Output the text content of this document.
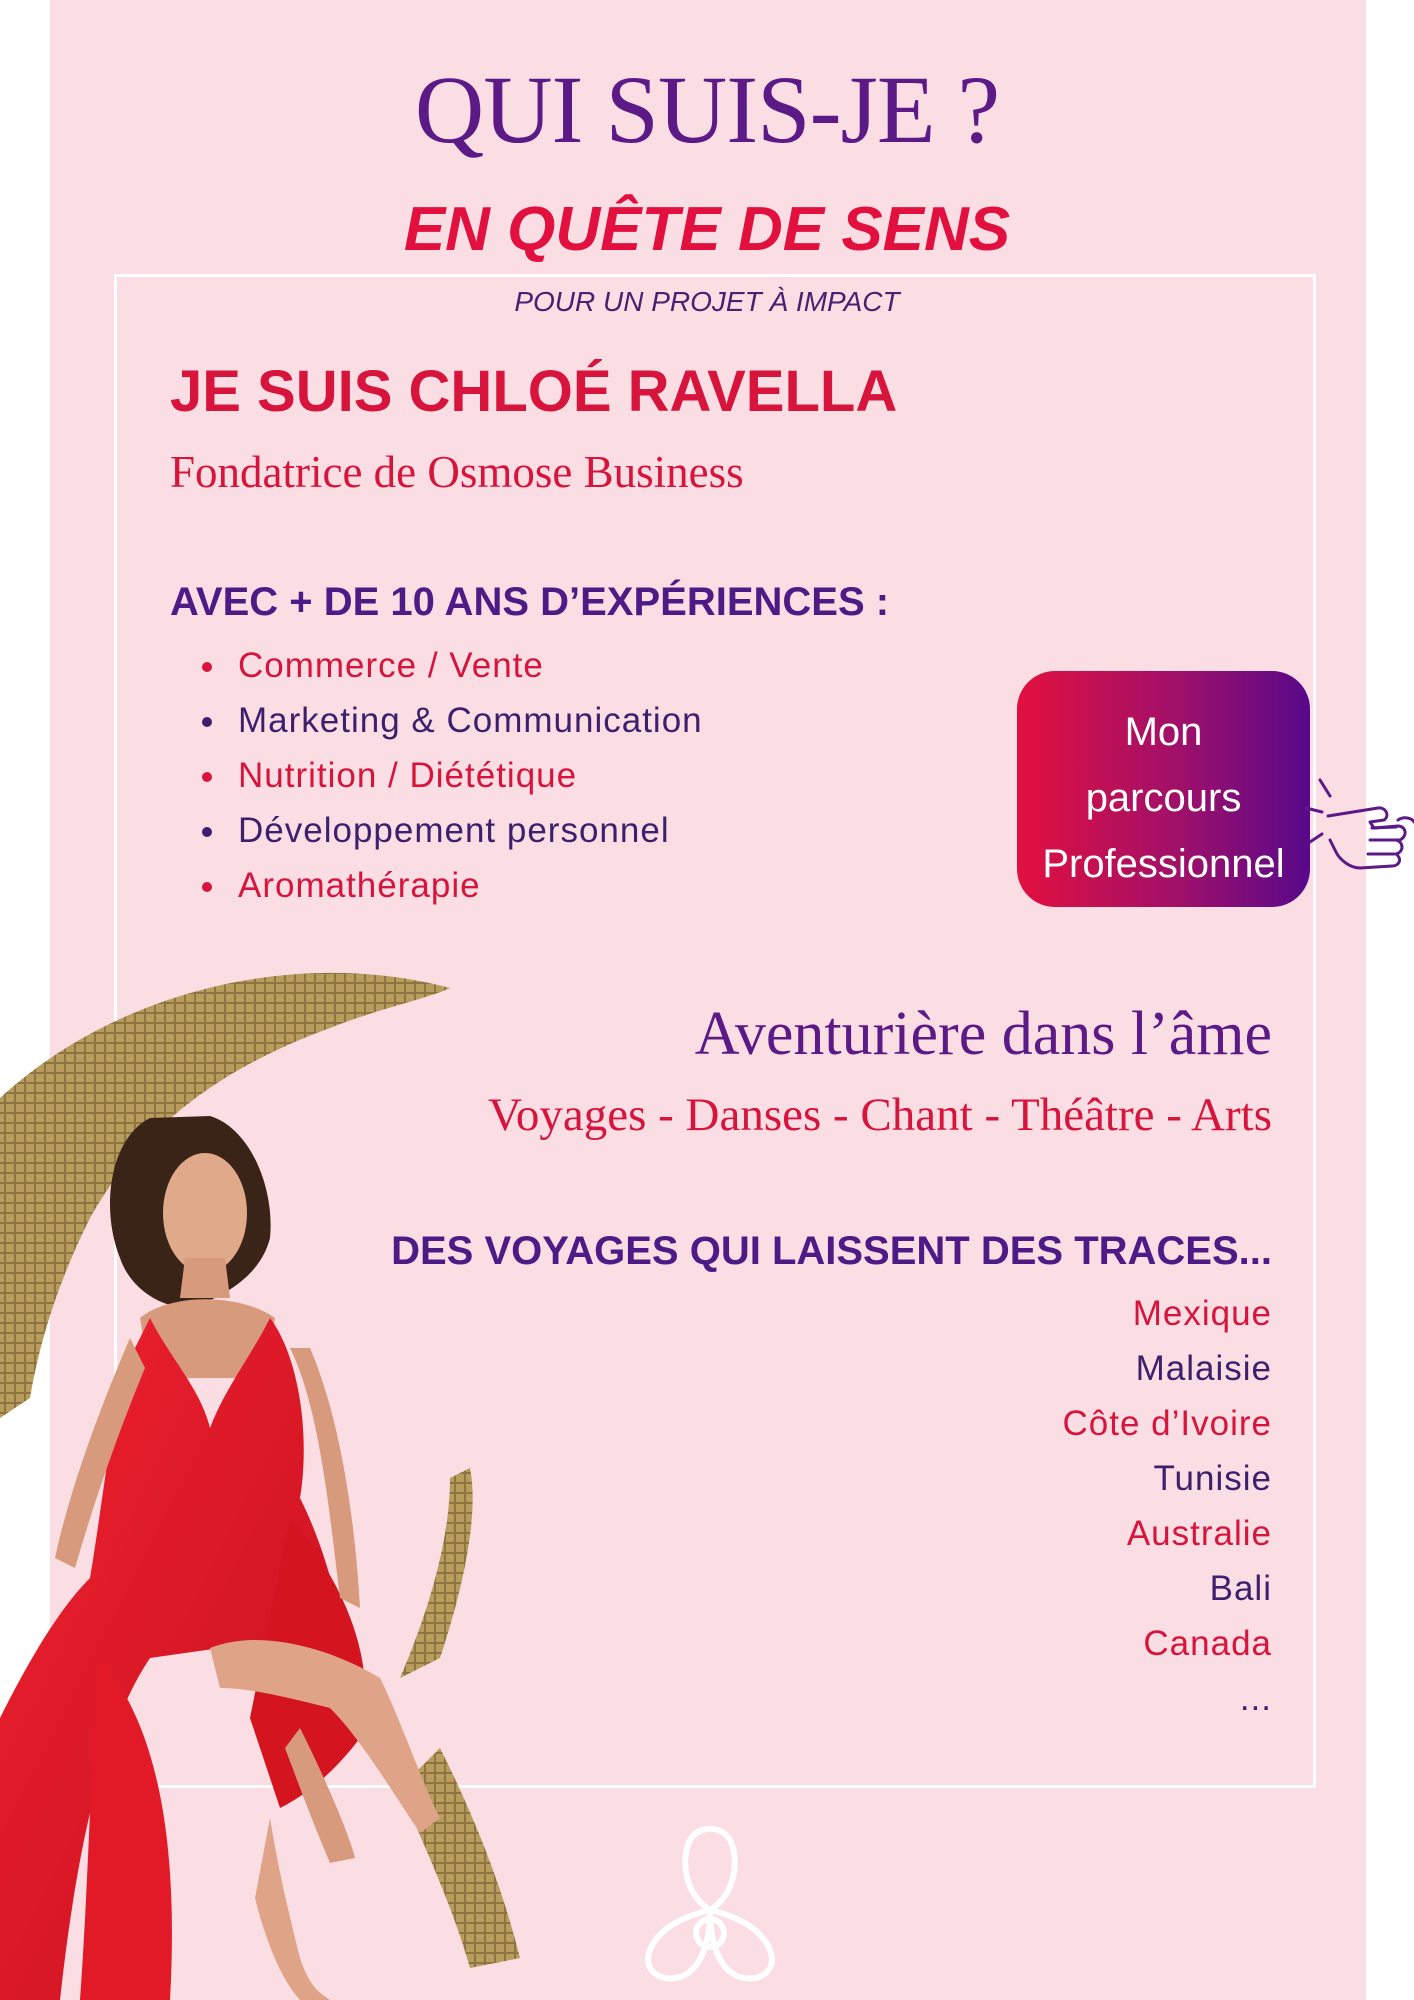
QUI SUIS-JE ?
EN QUÊTE DE SENS
POUR UN PROJET À IMPACT
JE SUIS CHLOÉ RAVELLA
Fondatrice de Osmose Business
AVEC + DE 10 ANS D’EXPÉRIENCES :
Commerce / Vente
Marketing & Communication
Nutrition / Diététique
Développement personnel
Aromathérapie
Mon
parcours
Professionnel
Aventurière dans l’âme
Voyages - Danses - Chant - Théâtre - Arts
DES VOYAGES QUI LAISSENT DES TRACES...
Mexique
Malaisie
Côte d’Ivoire
Tunisie
Australie
Bali
Canada
...
